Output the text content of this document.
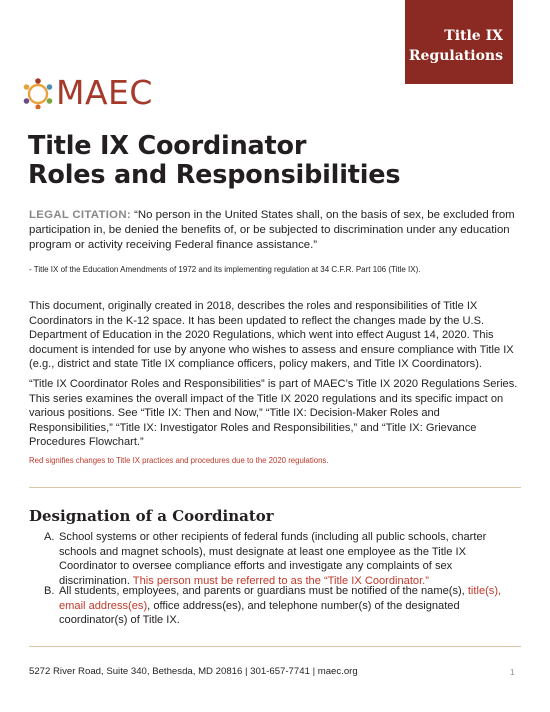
Title IX
Regulations
MAEC
Title IX Coordinator
Roles and Responsibilities

LEGAL CITATION: “No person in the United States shall, on the basis of sex, be excluded from participation in, be denied the benefits of, or be subjected to discrimination under any education program or activity receiving Federal finance assistance.”

- Title IX of the Education Amendments of 1972 and its implementing regulation at 34 C.F.R. Part 106 (Title IX).

This document, originally created in 2018, describes the roles and responsibilities of Title IX Coordinators in the K-12 space. It has been updated to reflect the changes made by the U.S. Department of Education in the 2020 Regulations, which went into effect August 14, 2020. This document is intended for use by anyone who wishes to assess and ensure compliance with Title IX (e.g., district and state Title IX compliance officers, policy makers, and Title IX Coordinators).

“Title IX Coordinator Roles and Responsibilities” is part of MAEC’s Title IX 2020 Regulations Series. This series examines the overall impact of the Title IX 2020 regulations and its specific impact on various positions. See “Title IX: Then and Now,” “Title IX: Decision-Maker Roles and Responsibilities,” “Title IX: Investigator Roles and Responsibilities,” and “Title IX: Grievance Procedures Flowchart.”

Red signifies changes to Title IX practices and procedures due to the 2020 regulations.

Designation of a Coordinator
A. School systems or other recipients of federal funds (including all public schools, charter schools and magnet schools), must designate at least one employee as the Title IX Coordinator to oversee compliance efforts and investigate any complaints of sex discrimination. This person must be referred to as the “Title IX Coordinator.”
B. All students, employees, and parents or guardians must be notified of the name(s), title(s), email address(es), office address(es), and telephone number(s) of the designated coordinator(s) of Title IX.

5272 River Road, Suite 340, Bethesda, MD 20816 | 301-657-7741 | maec.org	1
